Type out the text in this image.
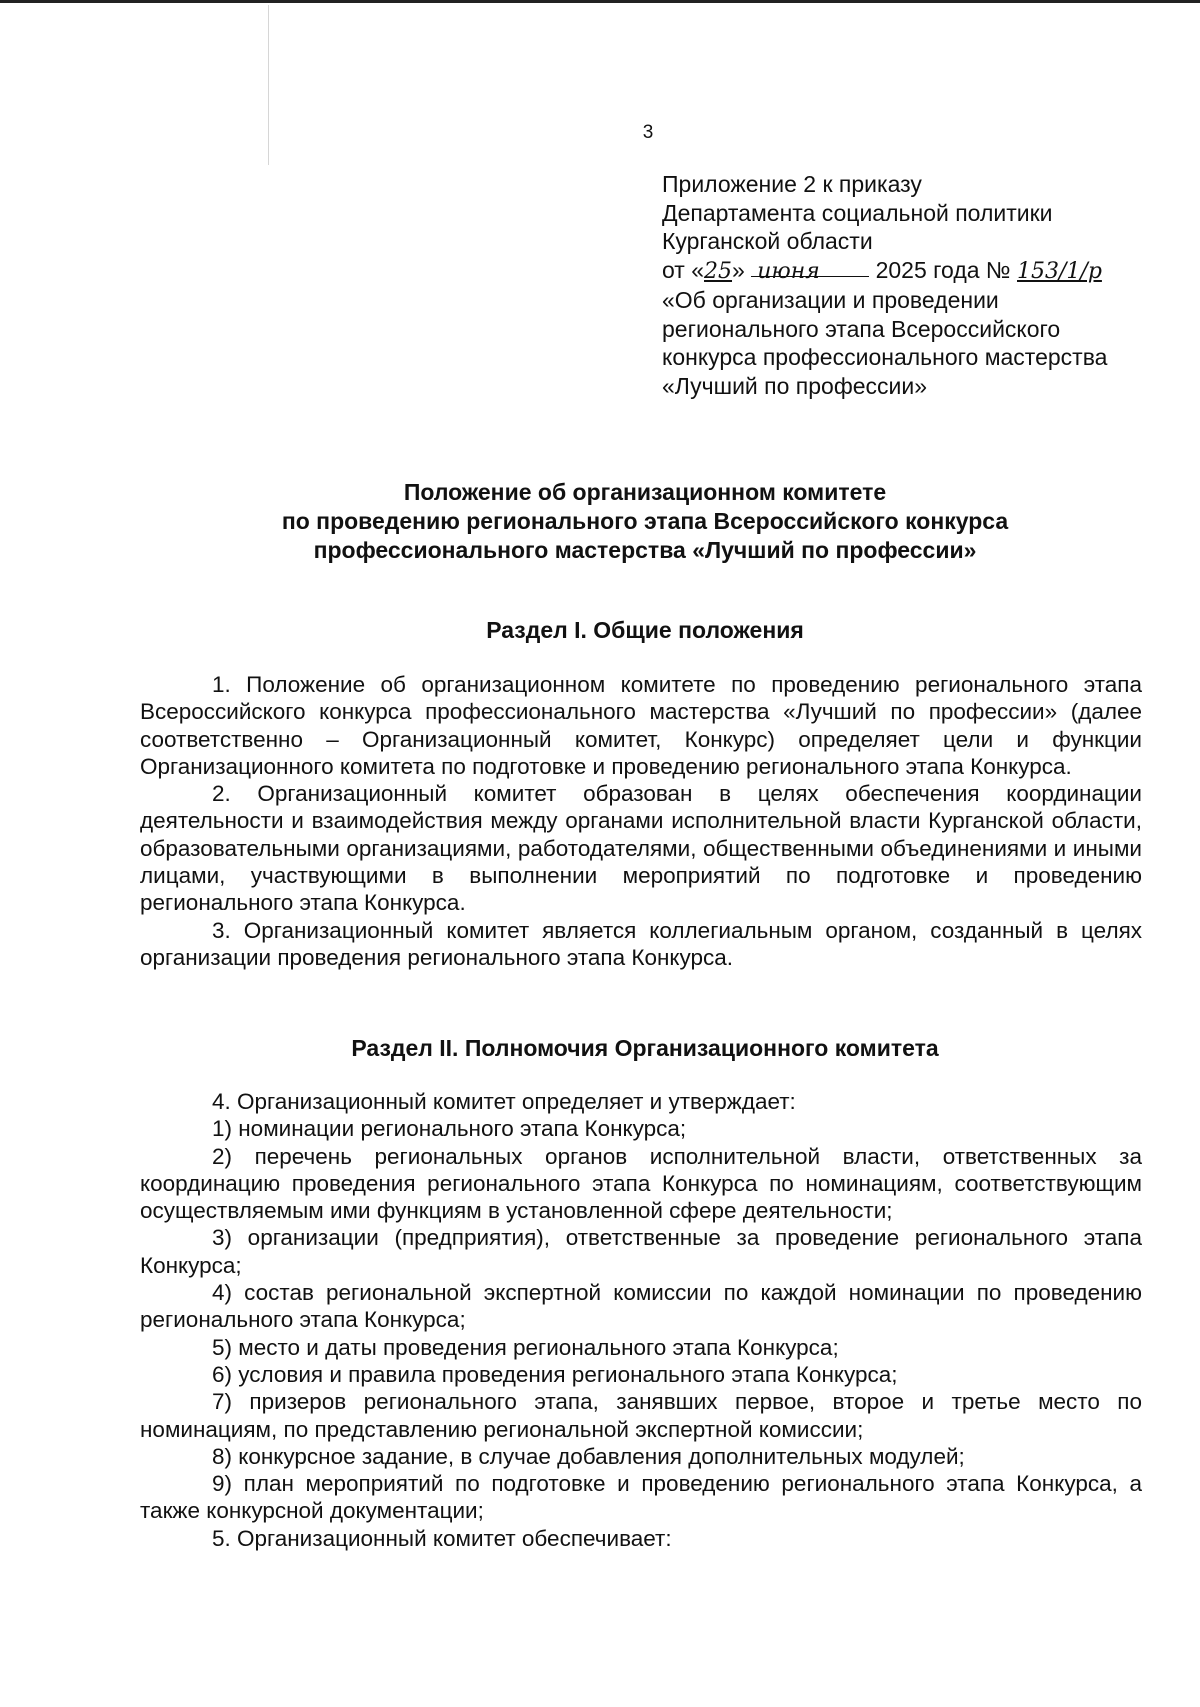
3
Приложение 2 к приказу
Департамента социальной политики
Курганской области
от «25» июня 2025 года № 153/1/р
«Об организации и проведении
регионального этапа Всероссийского
конкурса профессионального мастерства
«Лучший по профессии»
Положение об организационном комитете
по проведению регионального этапа Всероссийского конкурса
профессионального мастерства «Лучший по профессии»
Раздел I. Общие положения

1. Положение об организационном комитете по проведению регионального этапа Всероссийского конкурса профессионального мастерства «Лучший по профессии» (далее соответственно – Организационный комитет, Конкурс) определяет цели и функции Организационного комитета по подготовке и проведению регионального этапа Конкурса.

2. Организационный комитет образован в целях обеспечения координации деятельности и взаимодействия между органами исполнительной власти Курганской области, образовательными организациями, работодателями, общественными объединениями и иными лицами, участвующими в выполнении мероприятий по подготовке и проведению регионального этапа Конкурса.

3. Организационный комитет является коллегиальным органом, созданный в целях организации проведения регионального этапа Конкурса.

Раздел II. Полномочия Организационного комитета

4. Организационный комитет определяет и утверждает:

1) номинации регионального этапа Конкурса;

2) перечень региональных органов исполнительной власти, ответственных за координацию проведения регионального этапа Конкурса по номинациям, соответствующим осуществляемым ими функциям в установленной сфере деятельности;

3) организации (предприятия), ответственные за проведение регионального этапа Конкурса;

4) состав региональной экспертной комиссии по каждой номинации по проведению регионального этапа Конкурса;

5) место и даты проведения регионального этапа Конкурса;

6) условия и правила проведения регионального этапа Конкурса;

7) призеров регионального этапа, занявших первое, второе и третье место по номинациям, по представлению региональной экспертной комиссии;

8) конкурсное задание, в случае добавления дополнительных модулей;

9) план мероприятий по подготовке и проведению регионального этапа Конкурса, а также конкурсной документации;

5. Организационный комитет обеспечивает:
